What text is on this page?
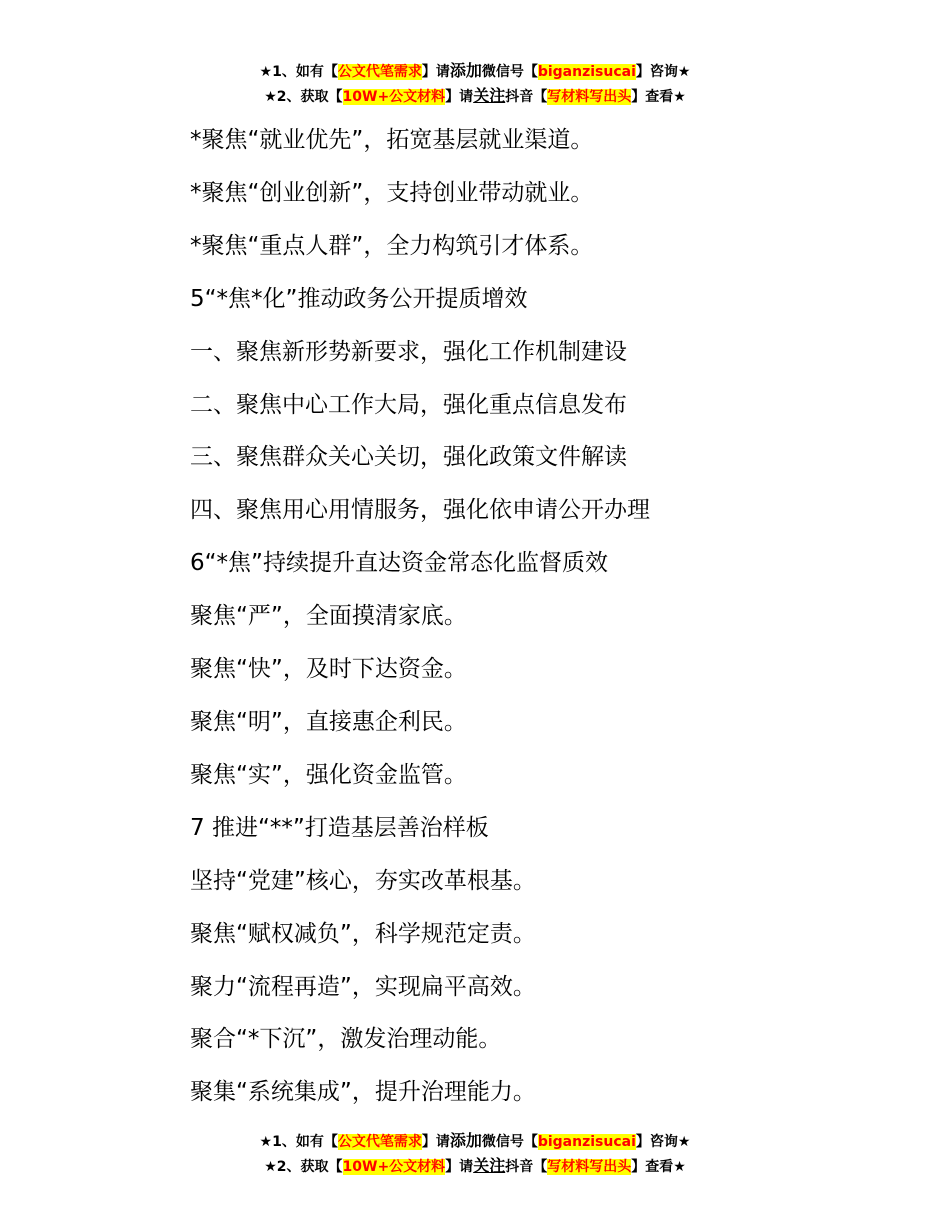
★1、如有【公文代笔需求】请添加微信号【biganzisucai】咨询★
★2、获取【10W+公文材料】请关注抖音【写材料写出头】查看★

*聚焦“就业优先”，拓宽基层就业渠道。

*聚焦“创业创新”，支持创业带动就业。

*聚焦“重点人群”，全力构筑引才体系。

5“*焦*化”推动政务公开提质增效

一、聚焦新形势新要求，强化工作机制建设

二、聚焦中心工作大局，强化重点信息发布

三、聚焦群众关心关切，强化政策文件解读

四、聚焦用心用情服务，强化依申请公开办理

6“*焦”持续提升直达资金常态化监督质效

聚焦“严”，全面摸清家底。

聚焦“快”，及时下达资金。

聚焦“明”，直接惠企利民。

聚焦“实”，强化资金监管。

7 推进“**”打造基层善治样板

坚持“党建”核心，夯实改革根基。

聚焦“赋权减负”，科学规范定责。

聚力“流程再造”，实现扁平高效。

聚合“*下沉”，激发治理动能。

聚集“系统集成”，提升治理能力。

★1、如有【公文代笔需求】请添加微信号【biganzisucai】咨询★
★2、获取【10W+公文材料】请关注抖音【写材料写出头】查看★
